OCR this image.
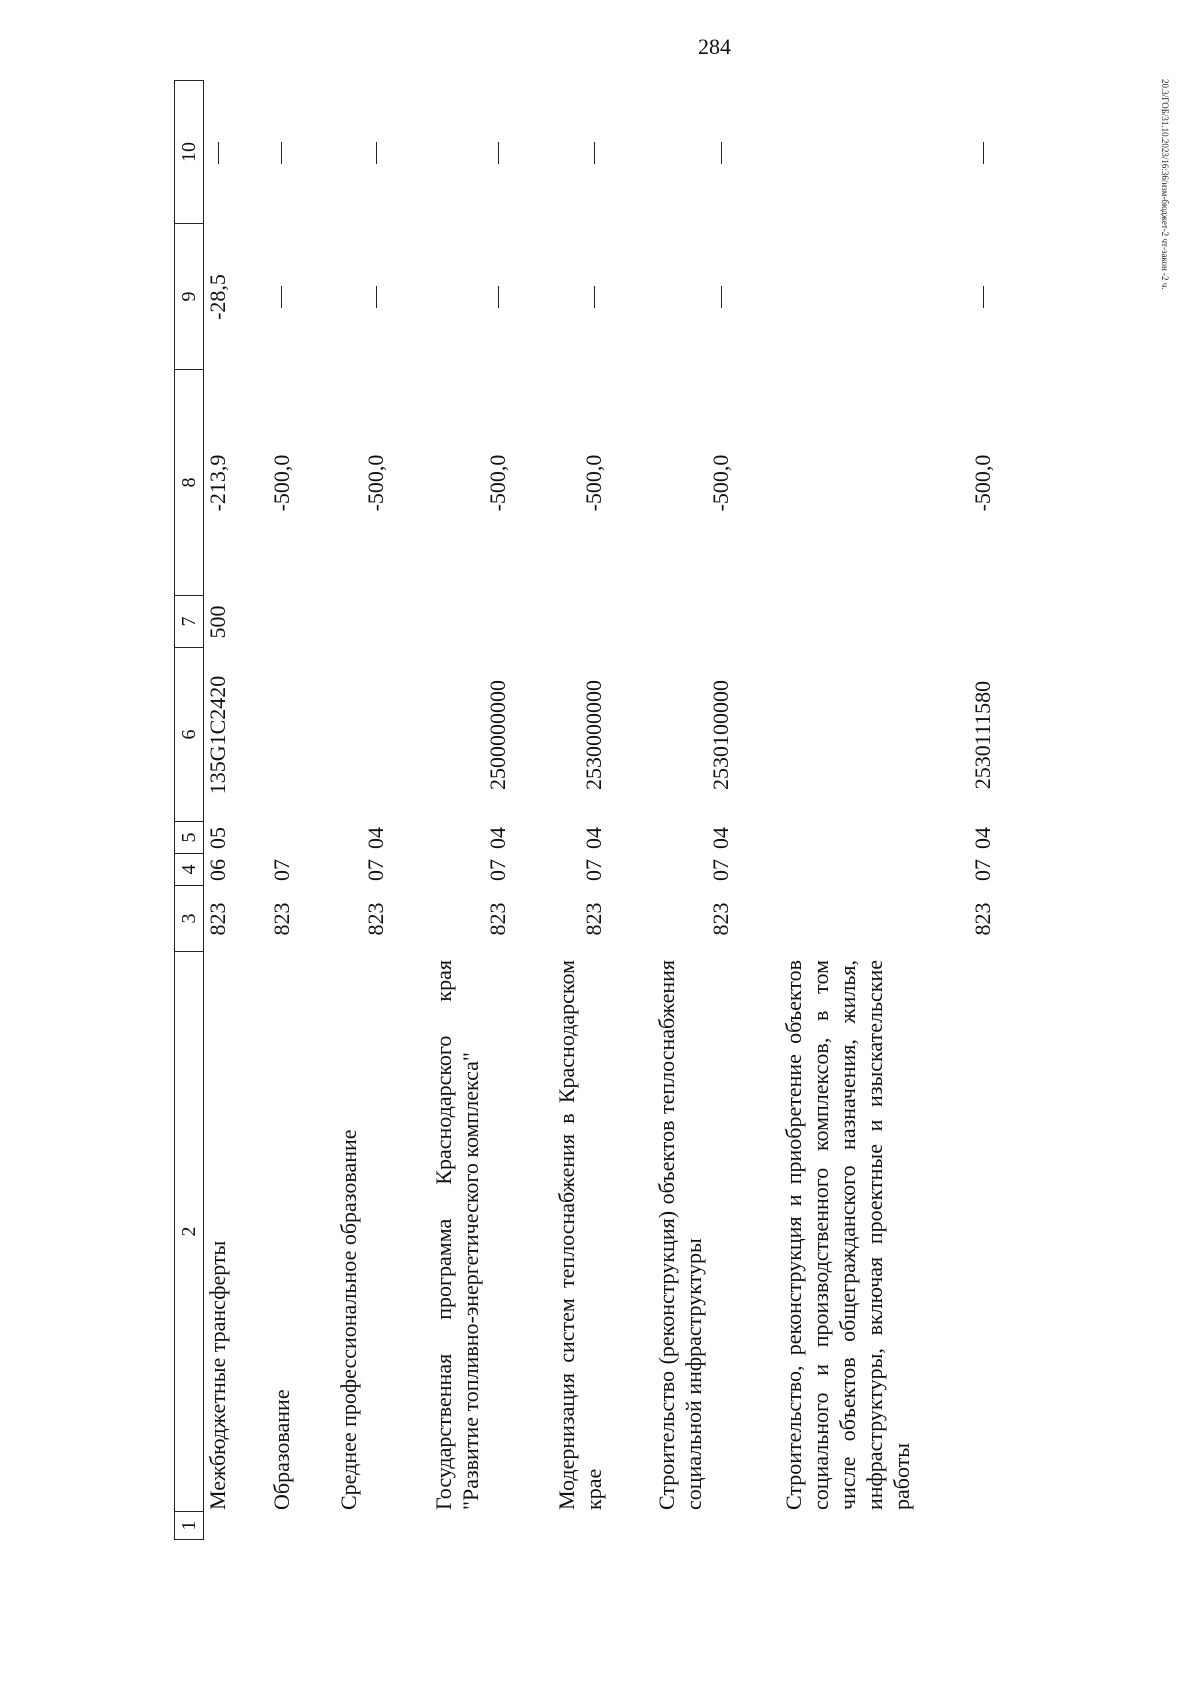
284
20.3/ГОБ/31.10.2023/16:36/изм-бюджет-2 чт-закон -2 ч.
1
2
3
4
5
6
7
8
9
10
Межбюджетные трансферты
823
06
05
135G1C2420
500
-213,9
-28,5
Образование
823
07
-500,0
Среднее профессиональное образование
823
07
04
-500,0
Государственная программа Краснодарского края "Развитие топливно-энергетического комплекса"
823
07
04
2500000000
-500,0
Модернизация систем теплоснабжения в Краснодарском крае
823
07
04
2530000000
-500,0
Строительство (реконструкция) объектов теплоснабжения социальной инфраструктуры
823
07
04
2530100000
-500,0
Строительство, реконструкция и приобретение объектов социального и производственного комплексов, в том числе объектов общегражданского назначения, жилья, инфраструктуры, включая проектные и изыскательские работы
823
07
04
2530111580
-500,0
